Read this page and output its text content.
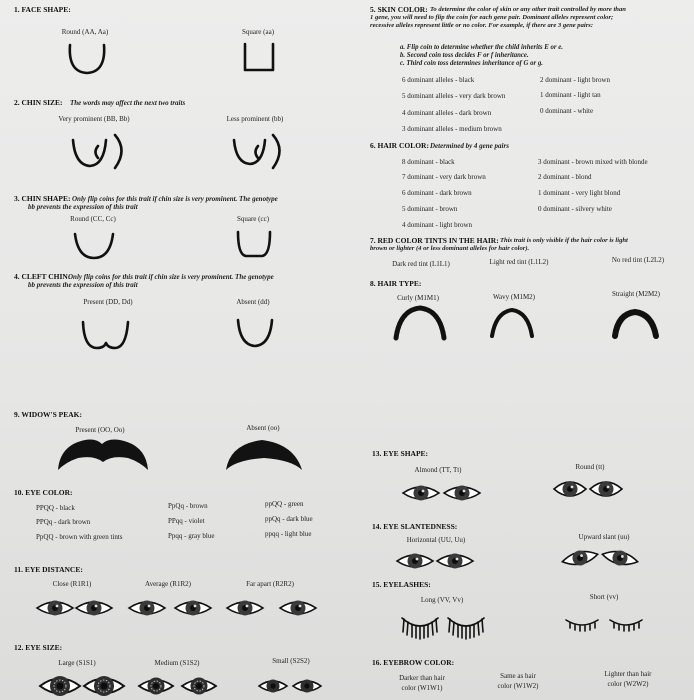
1. FACE SHAPE:
Round (AA, Aa)	Square (aa)
2. CHIN SIZE: The words may affect the next two traits
Very prominent (BB, Bb)	Less prominent (bb)
3. CHIN SHAPE: Only flip coins for this trait if chin size is very prominent. The genotype
bb prevents the expression of this trait
Round (CC, Cc)	Square (cc)
4. CLEFT CHIN:
Only flip coins for this trait if chin size is very prominent. The genotype
bb prevents the expression of this trait
Present (DD, Dd)	Absent (dd)
9. WIDOW'S PEAK:
Present (OO, Oo)	Absent (oo)
10. EYE COLOR:
PPQQ - black
PPQq - dark brown
PpQQ - brown with green tints
PpQq - brown
PPqq - violet
Ppqq - gray blue
ppQQ - green
ppQq - dark blue
ppqq - light blue
11. EYE DISTANCE:
Close (R1R1)	Average (R1R2)	Far apart (R2R2)
12. EYE SIZE:
Large (S1S1)	Medium (S1S2)	Small (S2S2)
5. SKIN COLOR: To determine the color of skin or any other trait controlled by more than
1 gene, you will need to flip the coin for each gene pair. Dominant alleles represent color;
recessive alleles represent little or no color. For example, if there are 3 gene pairs:
a. Flip coin to determine whether the child inherits E or e.
b. Second coin toss decides F or f inheritance.
c. Third coin toss determines inheritance of G or g.
6 dominant alleles - black
5 dominant alleles - very dark brown
4 dominant alleles - dark brown
3 dominant alleles - medium brown
2 dominant - light brown
1 dominant - light tan
0 dominant - white
6. HAIR COLOR: Determined by 4 gene pairs
8 dominant - black
7 dominant - very dark brown
6 dominant - dark brown
5 dominant - brown
4 dominant - light brown
3 dominant - brown mixed with blonde
2 dominant - blond
1 dominant - very light blond
0 dominant - silvery white
7. RED COLOR TINTS IN THE HAIR: This trait is only visible if the hair color is light
brown or lighter (4 or less dominant alleles for hair color).
Dark red tint (L1L1)	Light red tint (L1L2)	No red tint (L2L2)
8. HAIR TYPE:
Curly (M1M1)	Wavy (M1M2)	Straight (M2M2)
13. EYE SHAPE:
Almond (TT, Tt)	Round (tt)
14. EYE SLANTEDNESS:
Horizontal (UU, Uu)	Upward slant (uu)
15. EYELASHES:
Long (VV, Vv)	Short (vv)
16. EYEBROW COLOR:
Darker than hair
color (W1W1)
Same as hair
color (W1W2)
Lighter than hair
color (W2W2)
